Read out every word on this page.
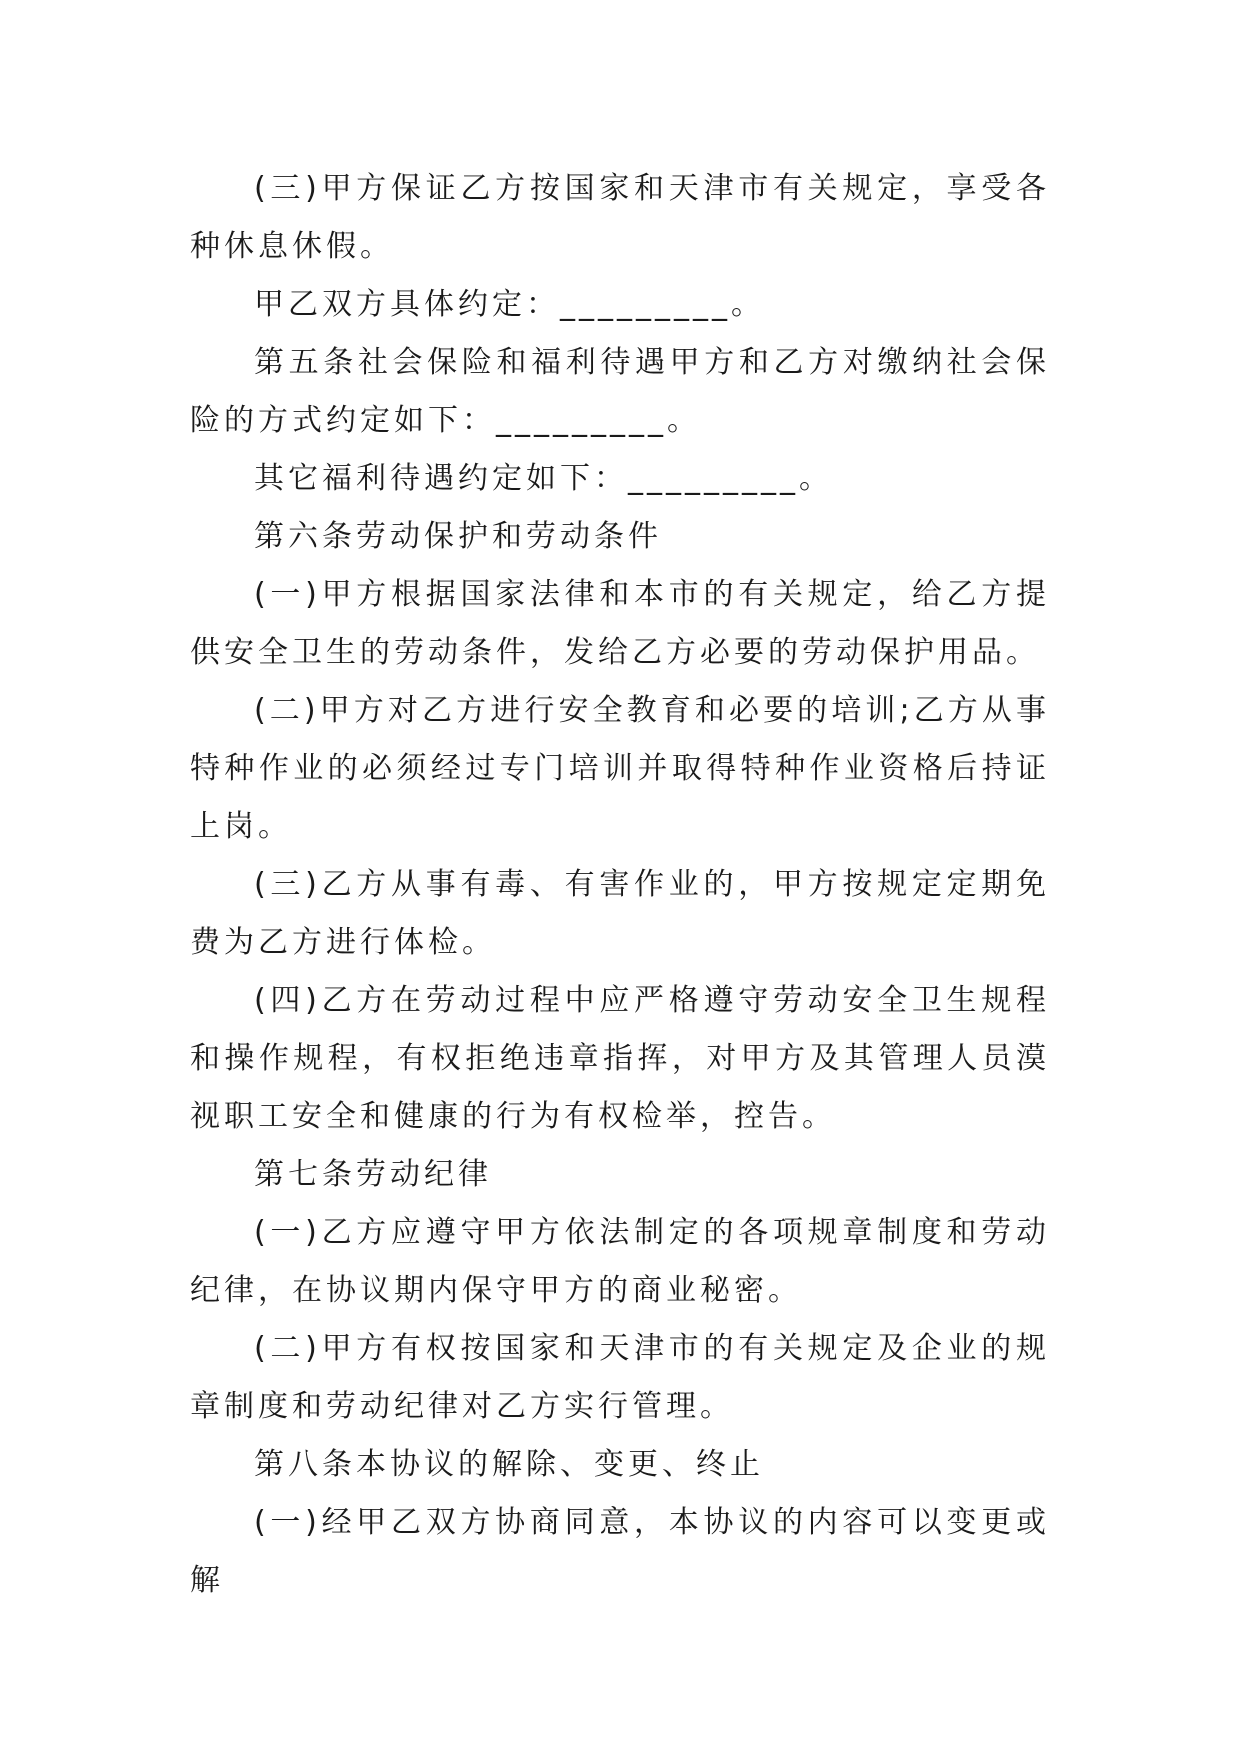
(三)甲方保证乙方按国家和天津市有关规定，享受各种休息休假。

甲乙双方具体约定：_________。

第五条社会保险和福利待遇甲方和乙方对缴纳社会保险的方式约定如下：_________。

其它福利待遇约定如下：_________。

第六条劳动保护和劳动条件

(一)甲方根据国家法律和本市的有关规定，给乙方提供安全卫生的劳动条件，发给乙方必要的劳动保护用品。

(二)甲方对乙方进行安全教育和必要的培训;乙方从事特种作业的必须经过专门培训并取得特种作业资格后持证上岗。

(三)乙方从事有毒、有害作业的，甲方按规定定期免费为乙方进行体检。

(四)乙方在劳动过程中应严格遵守劳动安全卫生规程和操作规程，有权拒绝违章指挥，对甲方及其管理人员漠视职工安全和健康的行为有权检举，控告。

第七条劳动纪律

(一)乙方应遵守甲方依法制定的各项规章制度和劳动纪律，在协议期内保守甲方的商业秘密。

(二)甲方有权按国家和天津市的有关规定及企业的规章制度和劳动纪律对乙方实行管理。

第八条本协议的解除、变更、终止

(一)经甲乙双方协商同意，本协议的内容可以变更或解
